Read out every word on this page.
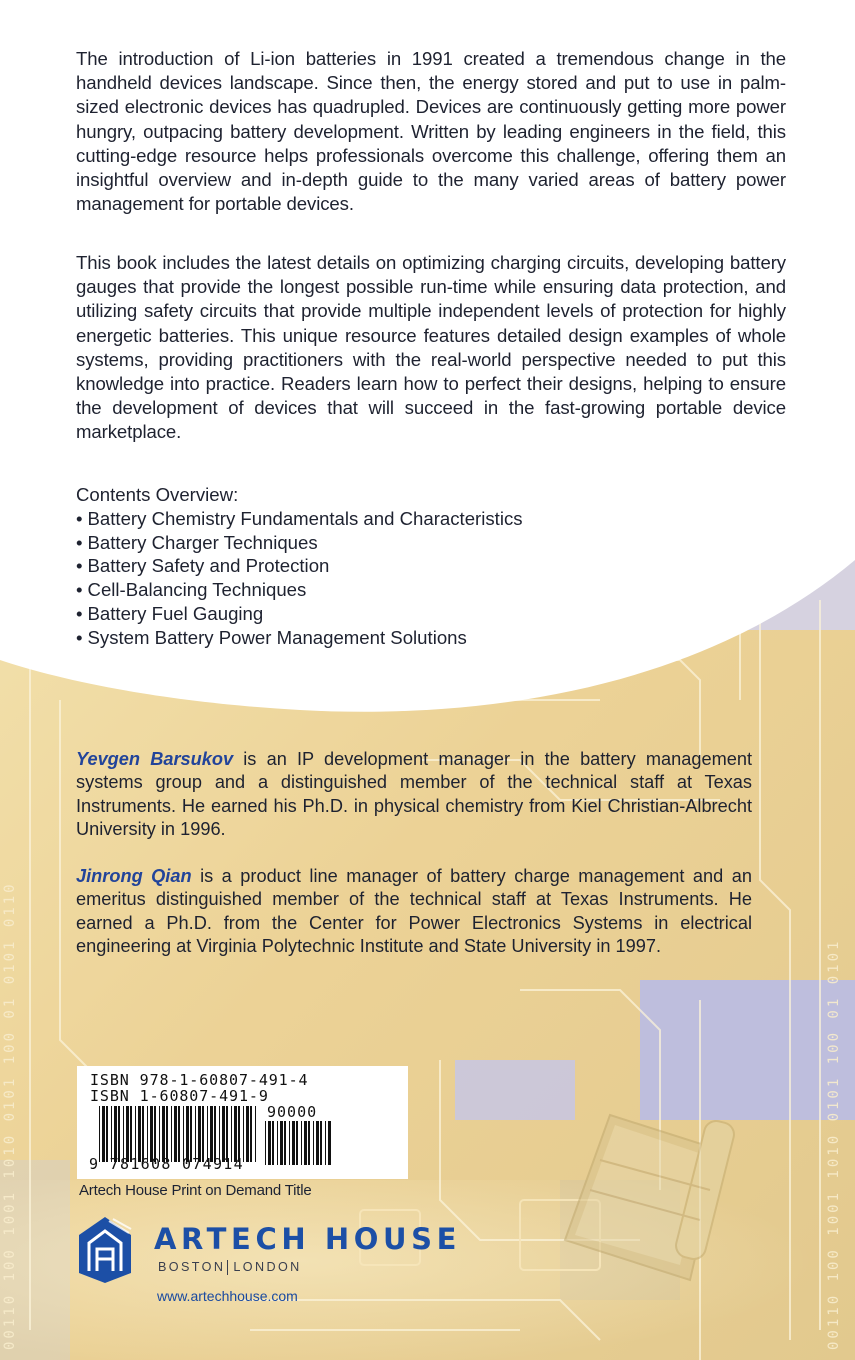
00110 100 1001 1010 0101 100 01 0101 0110	00110 100 1001 1010 0101 100 01 0101
The introduction of Li-ion batteries in 1991 created a tremendous change in the handheld devices landscape. Since then, the energy stored and put to use in palm-sized electronic devices has quadrupled. Devices are continuously getting more power hungry, outpacing battery development. Written by leading engineers in the field, this cutting-edge resource helps professionals overcome this challenge, offering them an insightful overview and in-depth guide to the many varied areas of battery power management for portable devices.
This book includes the latest details on optimizing charging circuits, developing battery gauges that provide the longest possible run-time while ensuring data protection, and utilizing safety circuits that provide multiple independent levels of protection for highly energetic batteries. This unique resource features detailed design examples of whole systems, providing practitioners with the real-world perspective needed to put this knowledge into practice. Readers learn how to perfect their designs, helping to ensure the development of devices that will succeed in the fast-growing portable device marketplace.
Contents Overview:
• Battery Chemistry Fundamentals and Characteristics
• Battery Charger Techniques
• Battery Safety and Protection
• Cell-Balancing Techniques
• Battery Fuel Gauging
• System Battery Power Management Solutions
Yevgen Barsukov is an IP development manager in the battery management systems group and a distinguished member of the technical staff at Texas Instruments. He earned his Ph.D. in physical chemistry from Kiel Christian-Albrecht University in 1996.
Jinrong Qian is a product line manager of battery charge management and an emeritus distinguished member of the technical staff at Texas Instruments. He earned a Ph.D. from the Center for Power Electronics Systems in electrical engineering at Virginia Polytechnic Institute and State University in 1997.
ISBN 978-1-60807-491-4
ISBN 1-60807-491-9
90000
9 781608 074914
Artech House Print on Demand Title
ARTECH HOUSE
BOSTON LONDON
www.artechhouse.com
